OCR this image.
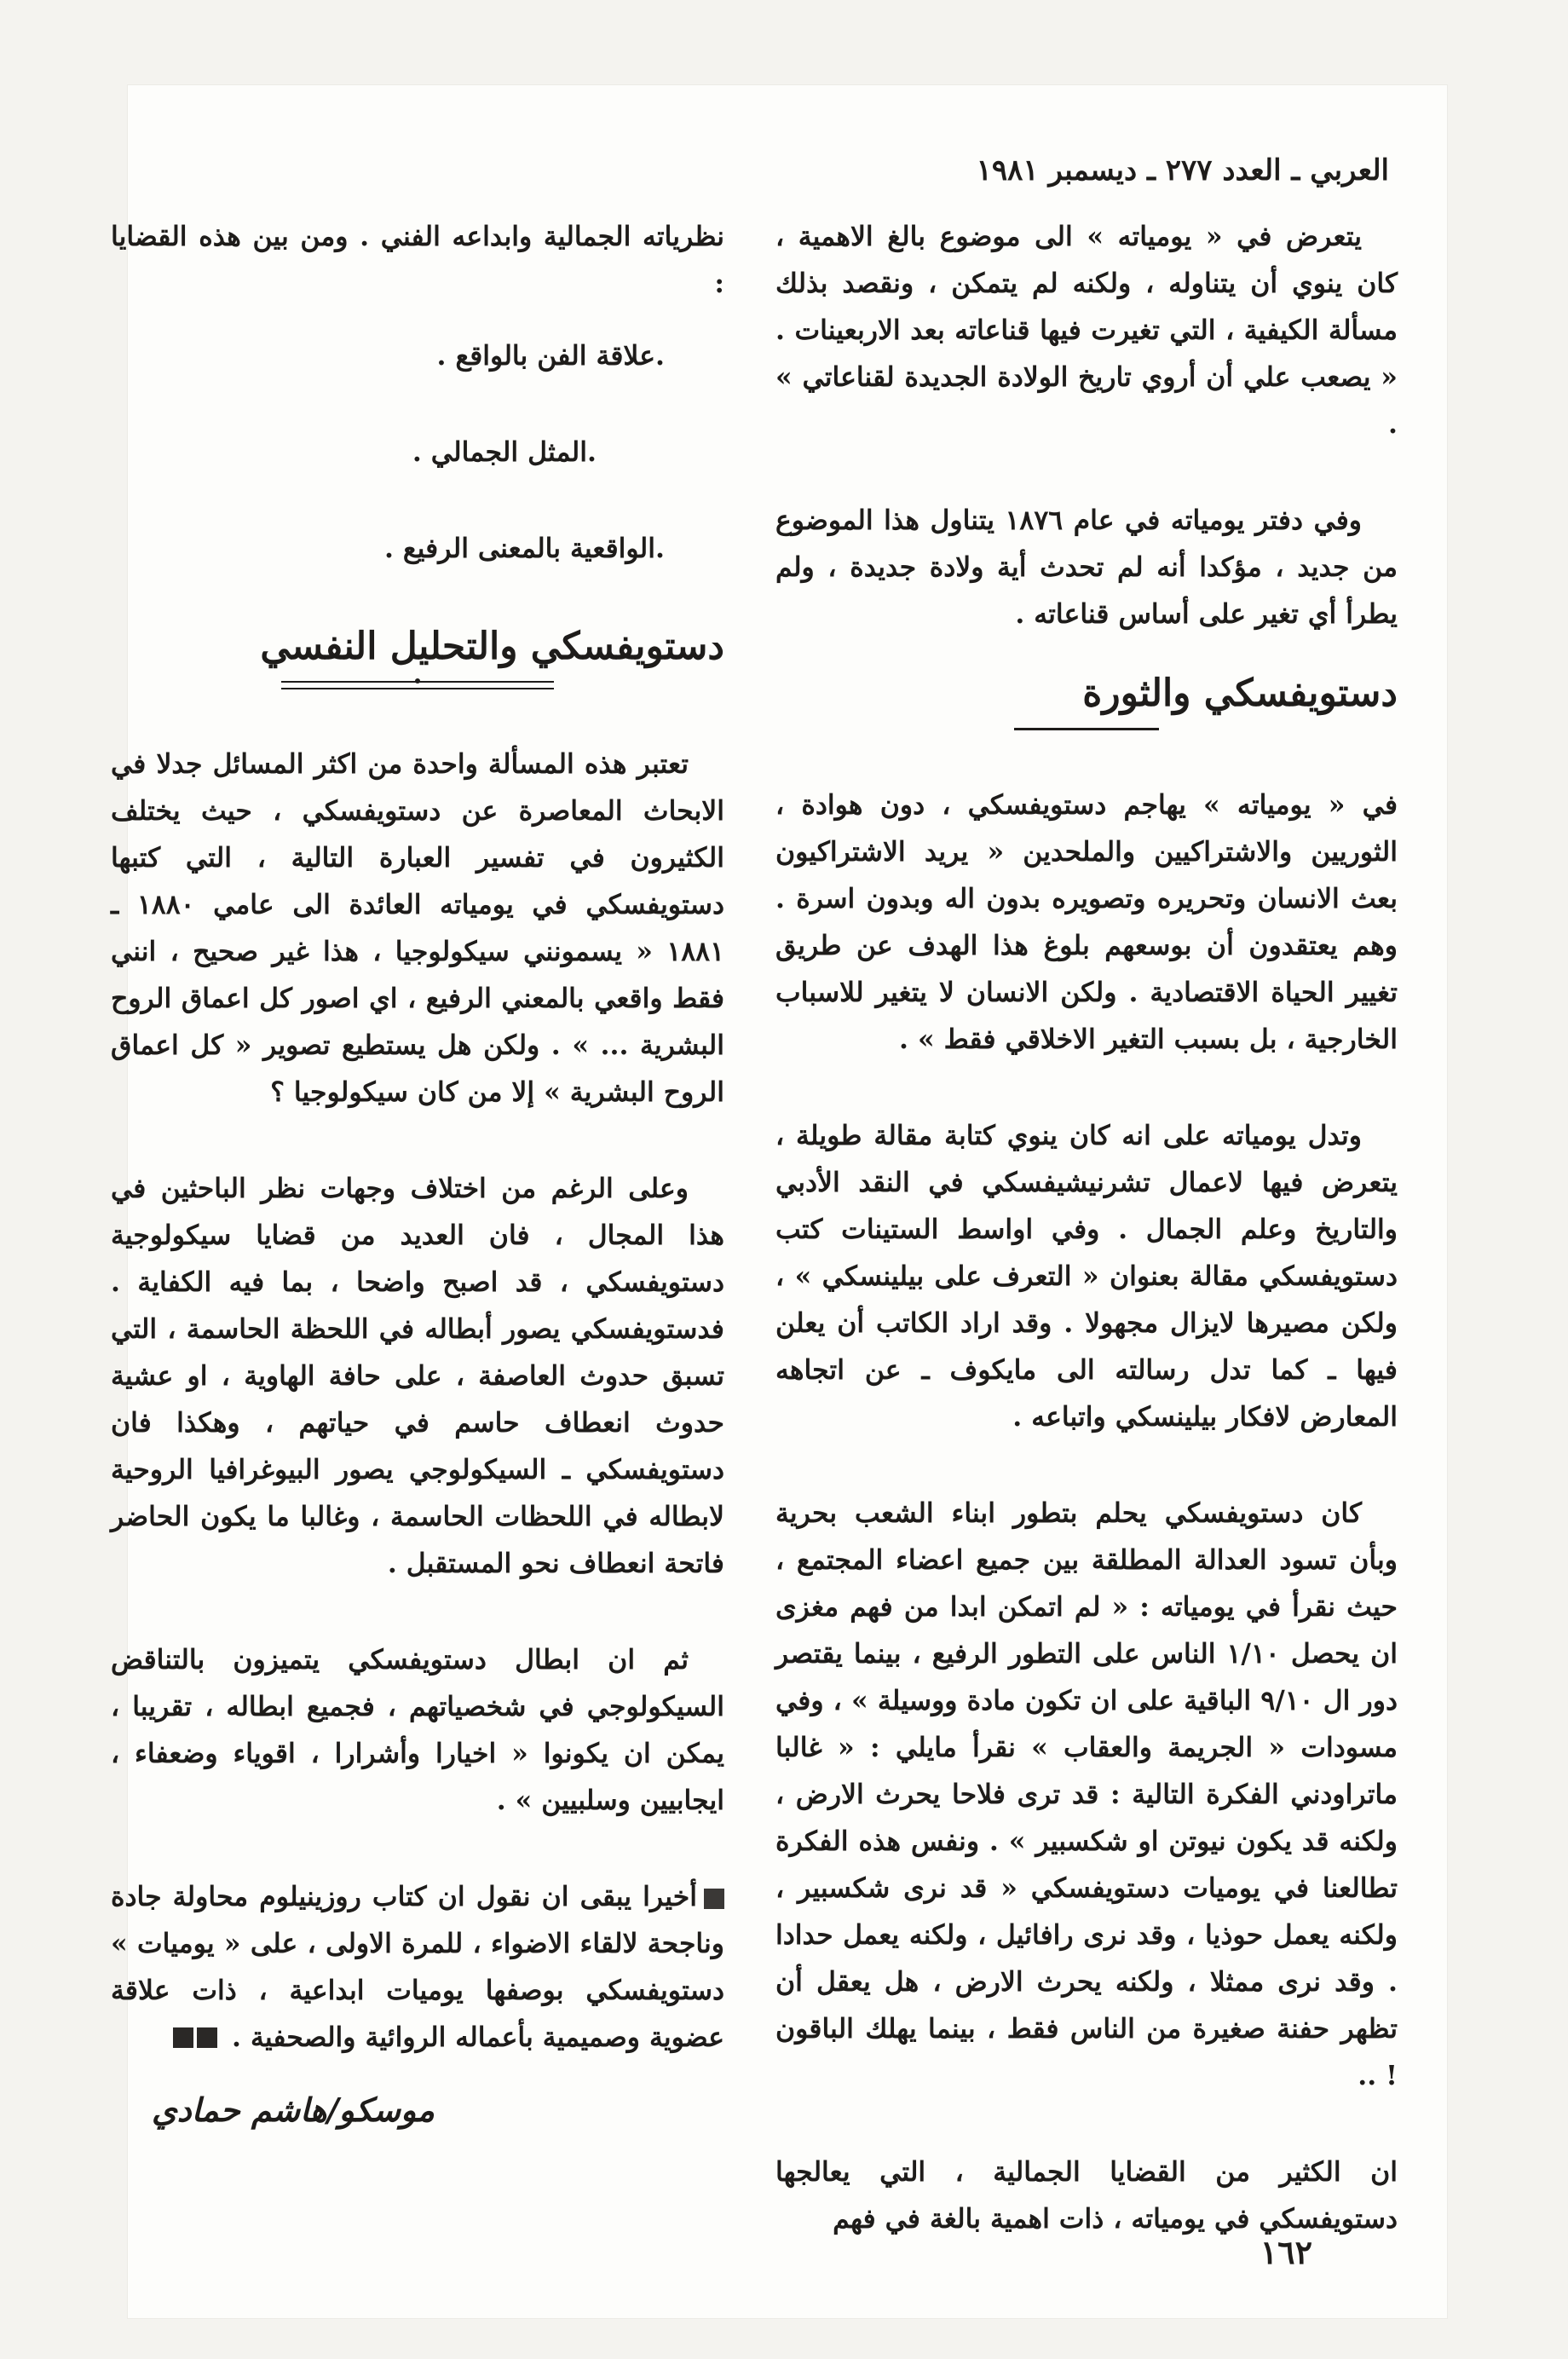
العربي ـ العدد ٢٧٧ ـ ديسمبر ١٩٨١

يتعرض في « يومياته » الى موضوع بالغ الاهمية ، كان ينوي أن يتناوله ، ولكنه لم يتمكن ، ونقصد بذلك مسألة الكيفية ، التي تغيرت فيها قناعاته بعد الاربعينات . « يصعب علي أن أروي تاريخ الولادة الجديدة لقناعاتي » .

وفي دفتر يومياته في عام ١٨٧٦ يتناول هذا الموضوع من جديد ، مؤكدا أنه لم تحدث أية ولادة جديدة ، ولم يطرأ أي تغير على أساس قناعاته .

دستويفسكي والثورة

في « يومياته » يهاجم دستويفسكي ، دون هوادة ، الثوريين والاشتراكيين والملحدين « يريد الاشتراكيون بعث الانسان وتحريره وتصويره بدون اله وبدون اسرة . وهم يعتقدون أن بوسعهم بلوغ هذا الهدف عن طريق تغيير الحياة الاقتصادية . ولكن الانسان لا يتغير للاسباب الخارجية ، بل بسبب التغير الاخلاقي فقط » .

وتدل يومياته على انه كان ينوي كتابة مقالة طويلة ، يتعرض فيها لاعمال تشرنيشيفسكي في النقد الأدبي والتاريخ وعلم الجمال . وفي اواسط الستينات كتب دستويفسكي مقالة بعنوان « التعرف على بيلينسكي » ، ولكن مصيرها لايزال مجهولا . وقد اراد الكاتب أن يعلن فيها ـ كما تدل رسالته الى مايكوف ـ عن اتجاهه المعارض لافكار بيلينسكي واتباعه .

كان دستويفسكي يحلم بتطور ابناء الشعب بحرية وبأن تسود العدالة المطلقة بين جميع اعضاء المجتمع ، حيث نقرأ في يومياته : « لم اتمكن ابدا من فهم مغزى ان يحصل ١/١٠ الناس على التطور الرفيع ، بينما يقتصر دور ال ٩/١٠ الباقية على ان تكون مادة ووسيلة » ، وفي مسودات « الجريمة والعقاب » نقرأ مايلي : « غالبا ماتراودني الفكرة التالية : قد ترى فلاحا يحرث الارض ، ولكنه قد يكون نيوتن او شكسبير » . ونفس هذه الفكرة تطالعنا في يوميات دستويفسكي « قد نرى شكسبير ، ولكنه يعمل حوذيا ، وقد نرى رافائيل ، ولكنه يعمل حدادا . وقد نرى ممثلا ، ولكنه يحرث الارض ، هل يعقل أن تظهر حفنة صغيرة من الناس فقط ، بينما يهلك الباقون ! ..

ان الكثير من القضايا الجمالية ، التي يعالجها دستويفسكي في يومياته ، ذات اهمية بالغة في فهم

نظرياته الجمالية وابداعه الفني . ومن بين هذه القضايا :

.علاقة الفن بالواقع .

.المثل الجمالي .

.الواقعية بالمعنى الرفيع .

دستويفسكي والتحليل النفسي

تعتبر هذه المسألة واحدة من اكثر المسائل جدلا في الابحاث المعاصرة عن دستويفسكي ، حيث يختلف الكثيرون في تفسير العبارة التالية ، التي كتبها دستويفسكي في يومياته العائدة الى عامي ١٨٨٠ ـ ١٨٨١ « يسمونني سيكولوجيا ، هذا غير صحيح ، انني فقط واقعي بالمعني الرفيع ، اي اصور كل اعماق الروح البشرية ... » . ولكن هل يستطيع تصوير « كل اعماق الروح البشرية » إلا من كان سيكولوجيا ؟

وعلى الرغم من اختلاف وجهات نظر الباحثين في هذا المجال ، فان العديد من قضايا سيكولوجية دستويفسكي ، قد اصبح واضحا ، بما فيه الكفاية . فدستويفسكي يصور أبطاله في اللحظة الحاسمة ، التي تسبق حدوث العاصفة ، على حافة الهاوية ، او عشية حدوث انعطاف حاسم في حياتهم ، وهكذا فان دستويفسكي ـ السيكولوجي يصور البيوغرافيا الروحية لابطاله في اللحظات الحاسمة ، وغالبا ما يكون الحاضر فاتحة انعطاف نحو المستقبل .

ثم ان ابطال دستويفسكي يتميزون بالتناقض السيكولوجي في شخصياتهم ، فجميع ابطاله ، تقريبا ، يمكن ان يكونوا « اخيارا وأشرارا ، اقوياء وضعفاء ، ايجابيين وسلبيين » .

أخيرا يبقى ان نقول ان كتاب روزينيلوم محاولة جادة وناجحة لالقاء الاضواء ، للمرة الاولى ، على « يوميات » دستويفسكي بوصفها يوميات ابداعية ، ذات علاقة عضوية وصميمية بأعماله الروائية والصحفية .

موسكو/هاشم حمادي
١٦٢
